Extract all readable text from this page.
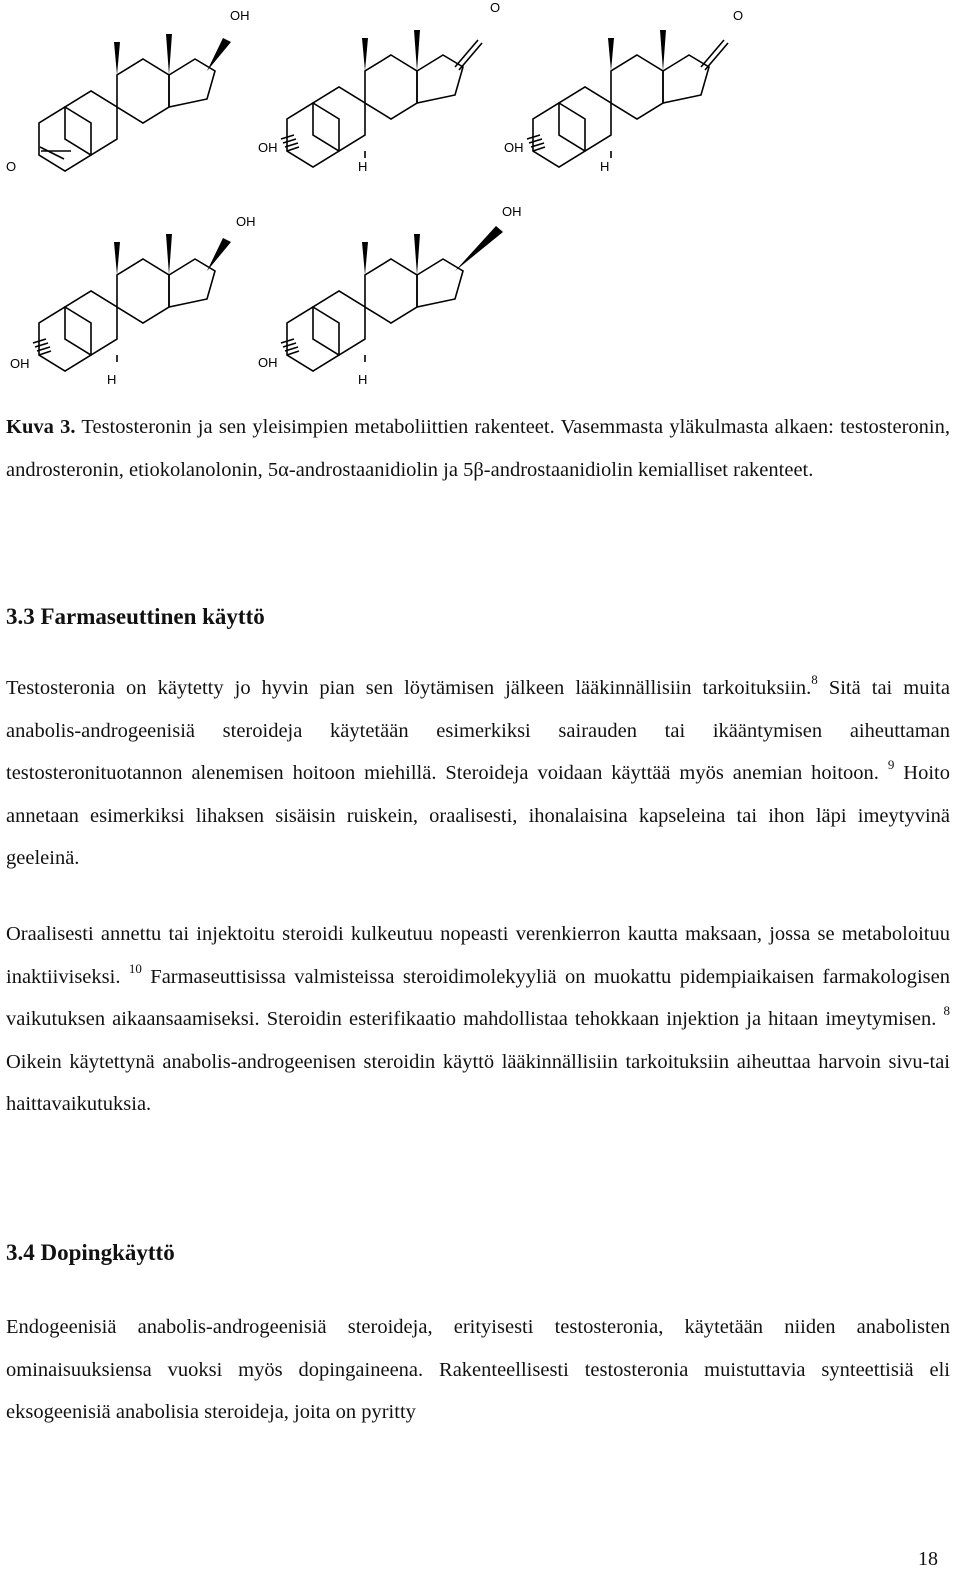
O
OH
O
OH
H
O
OH
H
OH
OH
H
OH
OH
H

Kuva 3. Testosteronin ja sen yleisimpien metaboliittien rakenteet. Vasemmasta yläkulmasta alkaen: testosteronin, androsteronin, etiokolanolonin, 5α-androstaanidiolin ja 5β-androstaanidiolin kemialliset rakenteet.

3.3 Farmaseuttinen käyttö

Testosteronia on käytetty jo hyvin pian sen löytämisen jälkeen lääkinnällisiin tarkoituksiin.$^8$ Sitä tai muita anabolis-androgeenisiä steroideja käytetään esimerkiksi sairauden tai ikääntymisen aiheuttaman testosteronituotannon alenemisen hoitoon miehillä. Steroideja voidaan käyttää myös anemian hoitoon. $^9$ Hoito annetaan esimerkiksi lihaksen sisäisin ruiskein, oraalisesti, ihonalaisina kapseleina tai ihon läpi imeytyvinä geeleinä.

Oraalisesti annettu tai injektoitu steroidi kulkeutuu nopeasti verenkierron kautta maksaan, jossa se metaboloituu inaktiiviseksi. $^{10}$ Farmaseuttisissa valmisteissa steroidimolekyyliä on muokattu pidempiaikaisen farmakologisen vaikutuksen aikaansaamiseksi. Steroidin esterifikaatio mahdollistaa tehokkaan injektion ja hitaan imeytymisen. $^8$ Oikein käytettynä anabolis-androgeenisen steroidin käyttö lääkinnällisiin tarkoituksiin aiheuttaa harvoin sivu-tai haittavaikutuksia.

3.4 Dopingkäyttö

Endogeenisiä anabolis-androgeenisiä steroideja, erityisesti testosteronia, käytetään niiden anabolisten ominaisuuksiensa vuoksi myös dopingaineena. Rakenteellisesti testosteronia muistuttavia synteettisiä eli eksogeenisiä anabolisia steroideja, joita on pyritty

18
